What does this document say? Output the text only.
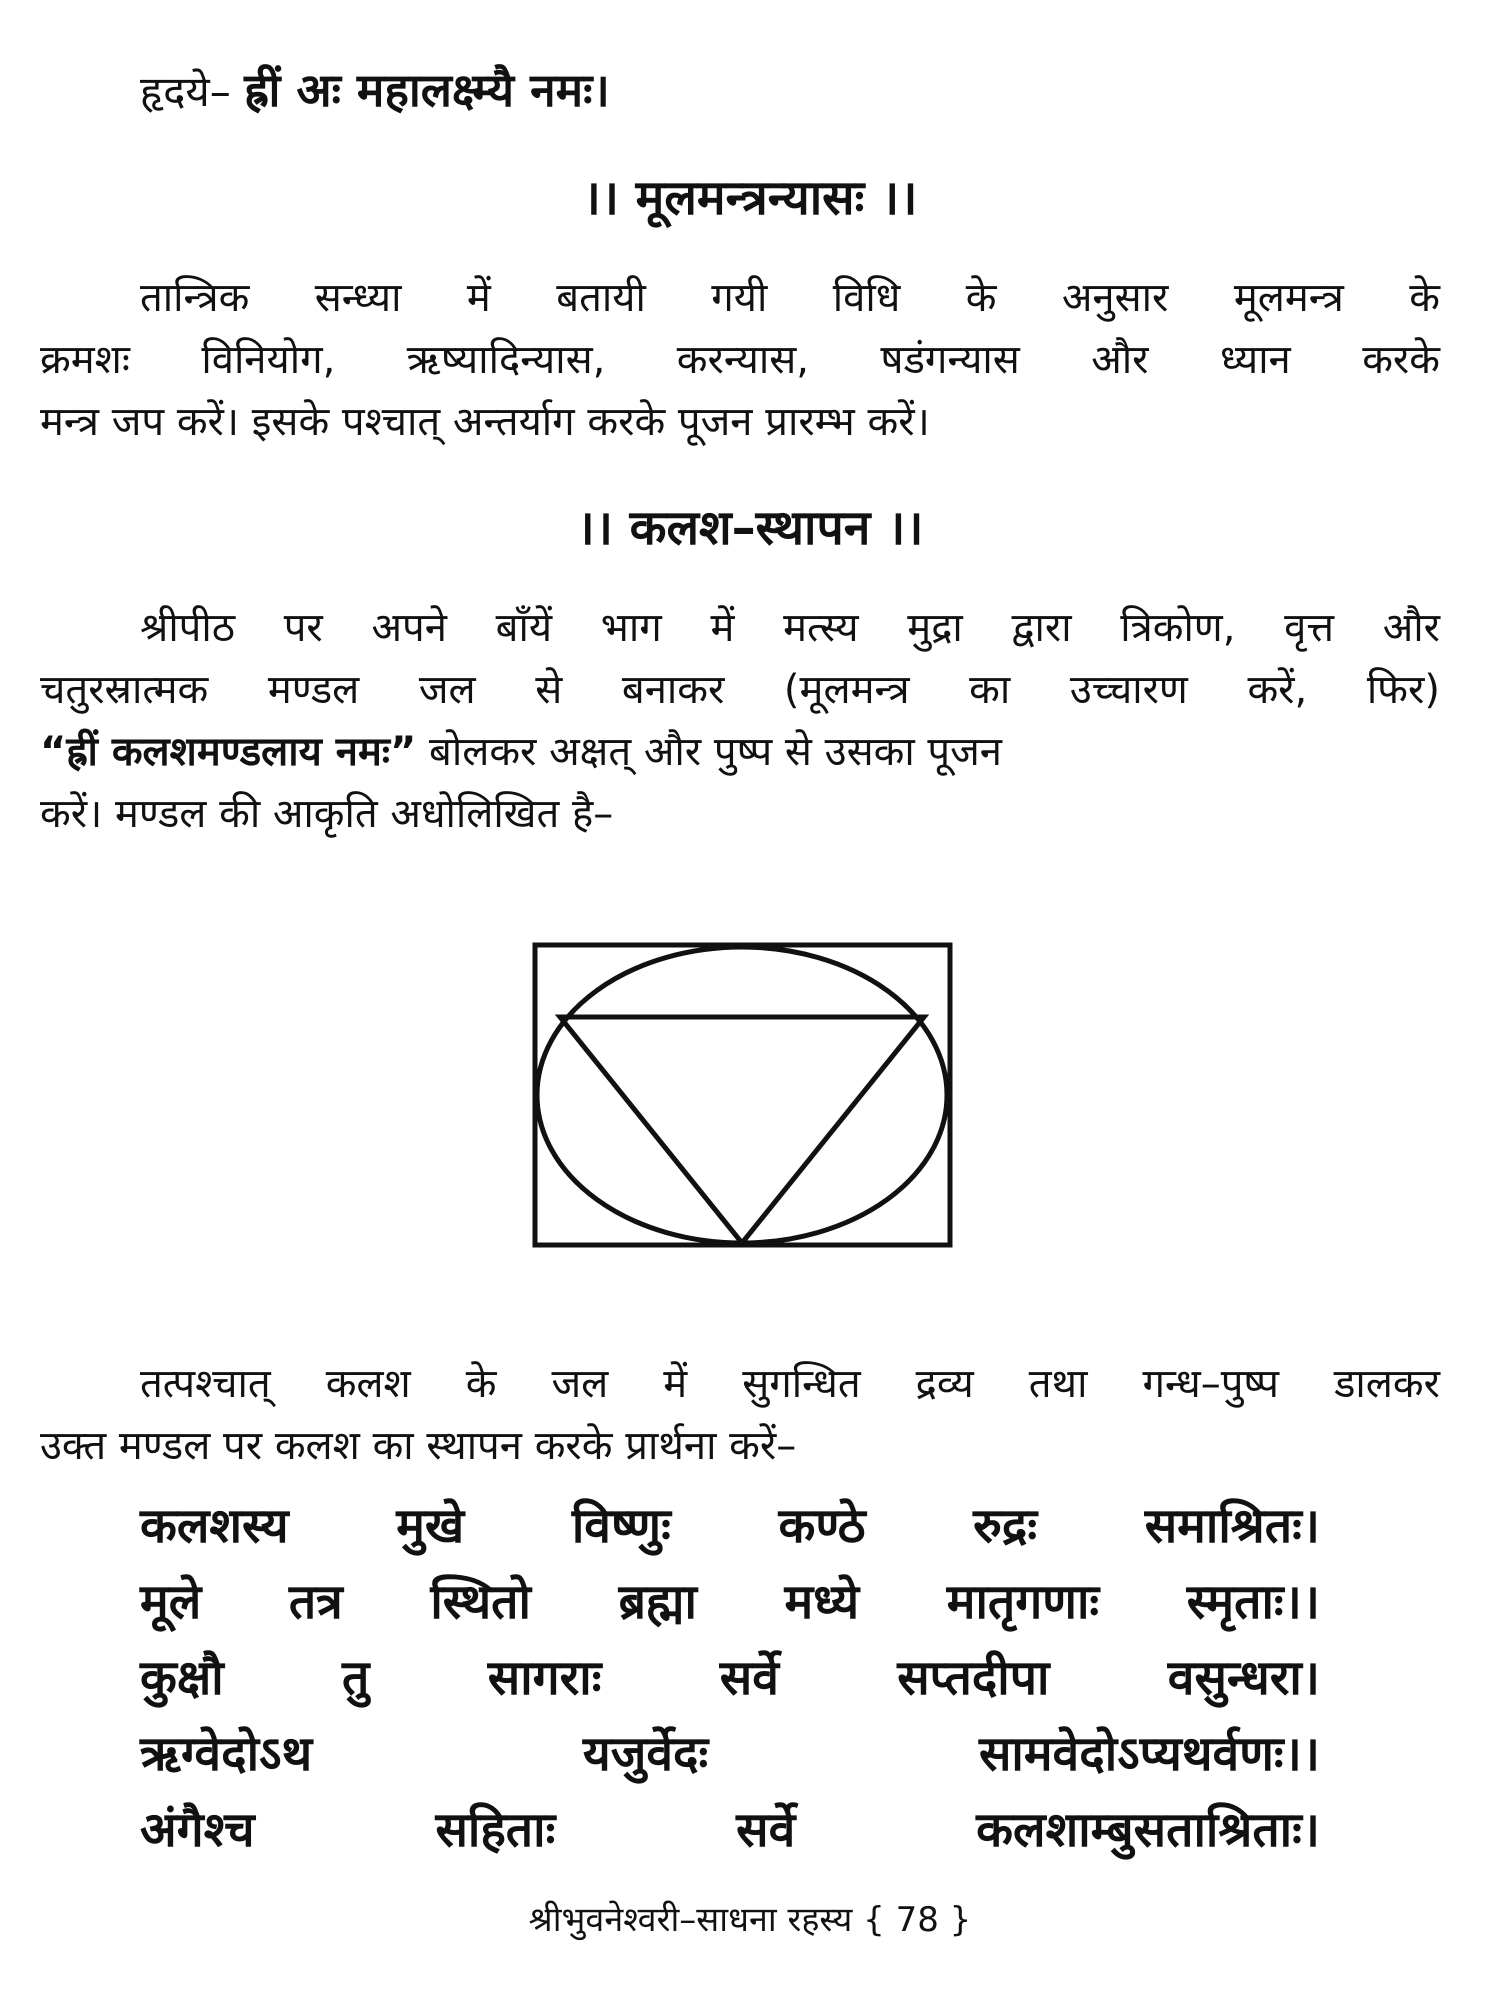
हृदये– ह्रीं अः महालक्ष्म्यै नमः।
।। मूलमन्त्रन्यासः ।।
तान्त्रिक सन्ध्या में बतायी गयी विधि के अनुसार मूलमन्त्र के
क्रमशः विनियोग, ऋष्यादिन्यास, करन्यास, षडंगन्यास और ध्यान करके
मन्त्र जप करें। इसके पश्चात् अन्तर्याग करके पूजन प्रारम्भ करें।
।। कलश–स्थापन ।।
श्रीपीठ पर अपने बाँयें भाग में मत्स्य मुद्रा द्वारा त्रिकोण, वृत्त और
चतुरस्रात्मक मण्डल जल से बनाकर (मूलमन्त्र का उच्चारण करें, फिर)
“ह्रीं कलशमण्डलाय नमः” बोलकर अक्षत् और पुष्प से उसका पूजन
करें। मण्डल की आकृति अधोलिखित है–
तत्पश्चात् कलश के जल में सुगन्धित द्रव्य तथा गन्ध–पुष्प डालकर
उक्त मण्डल पर कलश का स्थापन करके प्रार्थना करें–
कलशस्य मुखे विष्णुः कण्ठे रुद्रः समाश्रितः।
मूले तत्र स्थितो ब्रह्मा मध्ये मातृगणाः स्मृताः।।
कुक्षौ तु सागराः सर्वे सप्तदीपा वसुन्धरा।
ऋग्वेदोऽथ यजुर्वेदः सामवेदोऽप्यथर्वणः।।
अंगैश्च सहिताः सर्वे कलशाम्बुसताश्रिताः।
श्रीभुवनेश्वरी–साधना रहस्य { 78 }
